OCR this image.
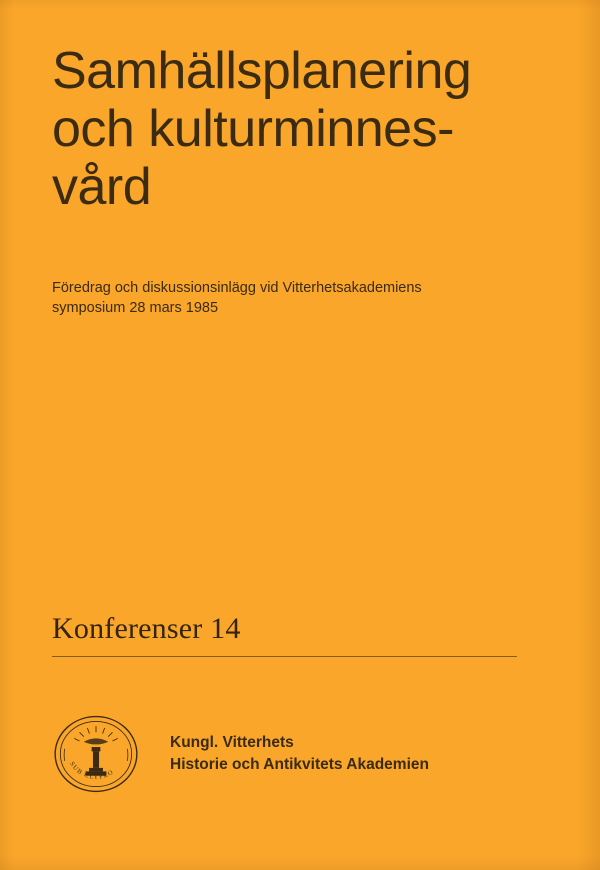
Samhällsplanering
och kulturminnes-
vård
Föredrag och diskussionsinlägg vid Vitterhetsakademiens
symposium 28 mars 1985
Konferenser 14
SUB CLYPEO
Kungl. Vitterhets
Historie och Antikvitets Akademien
